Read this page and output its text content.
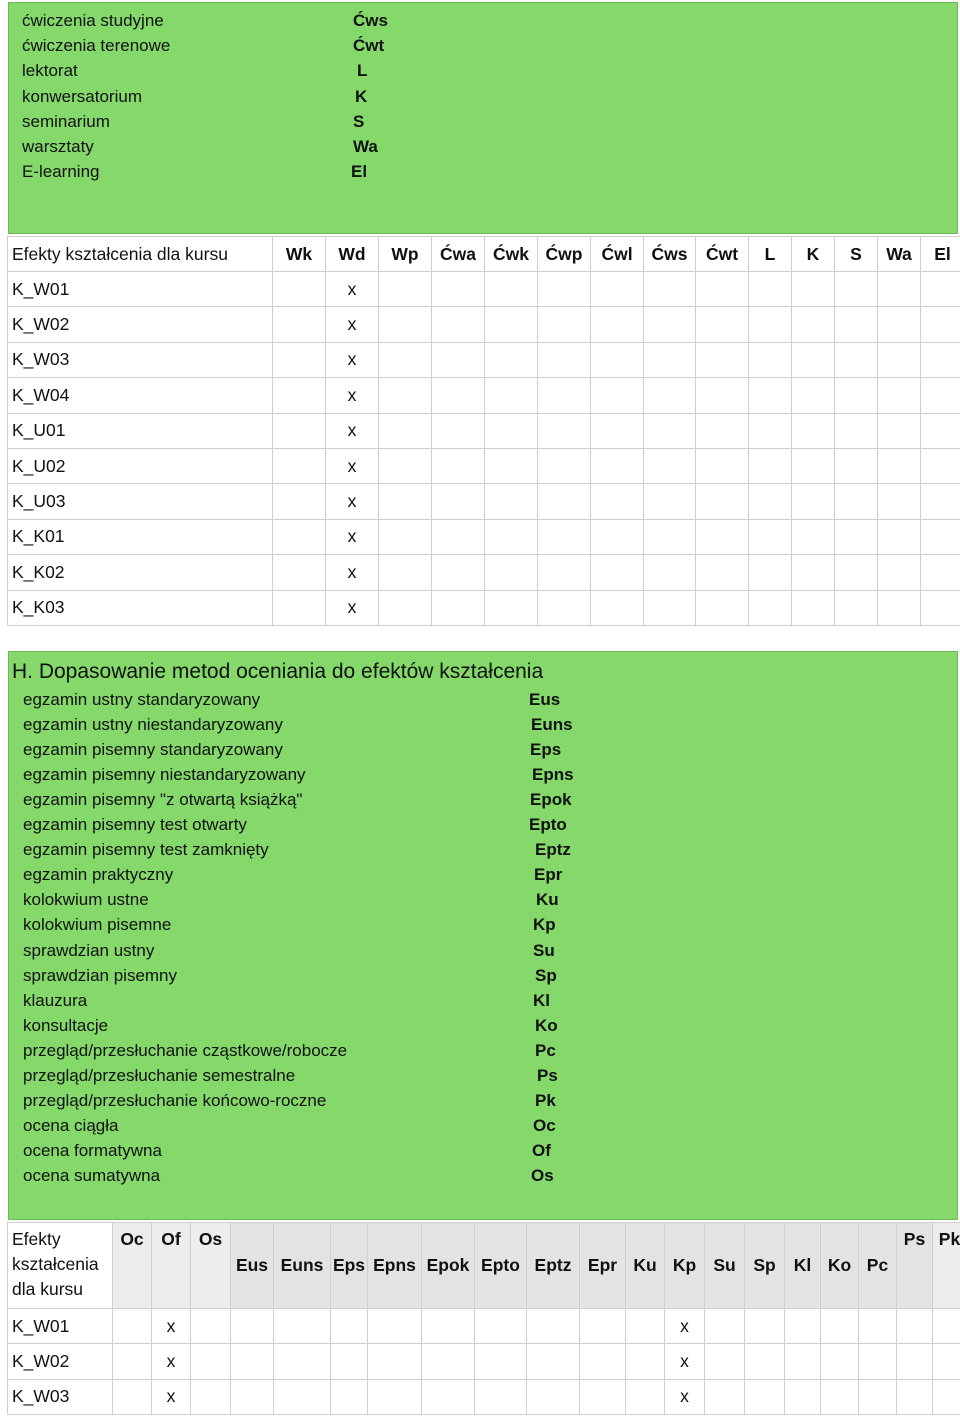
ćwiczenia studyjne	Ćws
ćwiczenia terenowe	Ćwt
lektorat	L
konwersatorium	K
seminarium	S
warsztaty	Wa
E-learning	El
Efekty kształcenia dla kursu	Wk	Wd	Wp	Ćwa	Ćwk	Ćwp	Ćwl	Ćws	Ćwt	L	K	S	Wa	El
K_W01		x												
K_W02		x												
K_W03		x												
K_W04		x												
K_U01		x												
K_U02		x												
K_U03		x												
K_K01		x												
K_K02		x												
K_K03		x												
H. Dopasowanie metod oceniania do efektów kształcenia
egzamin ustny standaryzowany	Eus
egzamin ustny niestandaryzowany	Euns
egzamin pisemny standaryzowany	Eps
egzamin pisemny niestandaryzowany	Epns
egzamin pisemny "z otwartą książką"	Epok
egzamin pisemny test otwarty	Epto
egzamin pisemny test zamknięty	Eptz
egzamin praktyczny	Epr
kolokwium ustne	Ku
kolokwium pisemne	Kp
sprawdzian ustny	Su
sprawdzian pisemny	Sp
klauzura	Kl
konsultacje	Ko
przegląd/przesłuchanie cząstkowe/robocze	Pc
przegląd/przesłuchanie semestralne	Ps
przegląd/przesłuchanie końcowo-roczne	Pk
ocena ciągła	Oc
ocena formatywna	Of
ocena sumatywna	Os
Efekty kształcenia dla kursu	Oc	Of	Os	Eus	Euns	Eps	Epns	Epok	Epto	Eptz	Epr	Ku	Kp	Su	Sp	Kl	Ko	Pc	Ps	Pk	
K_W01		x											x								
K_W02		x											x								
K_W03		x											x								
